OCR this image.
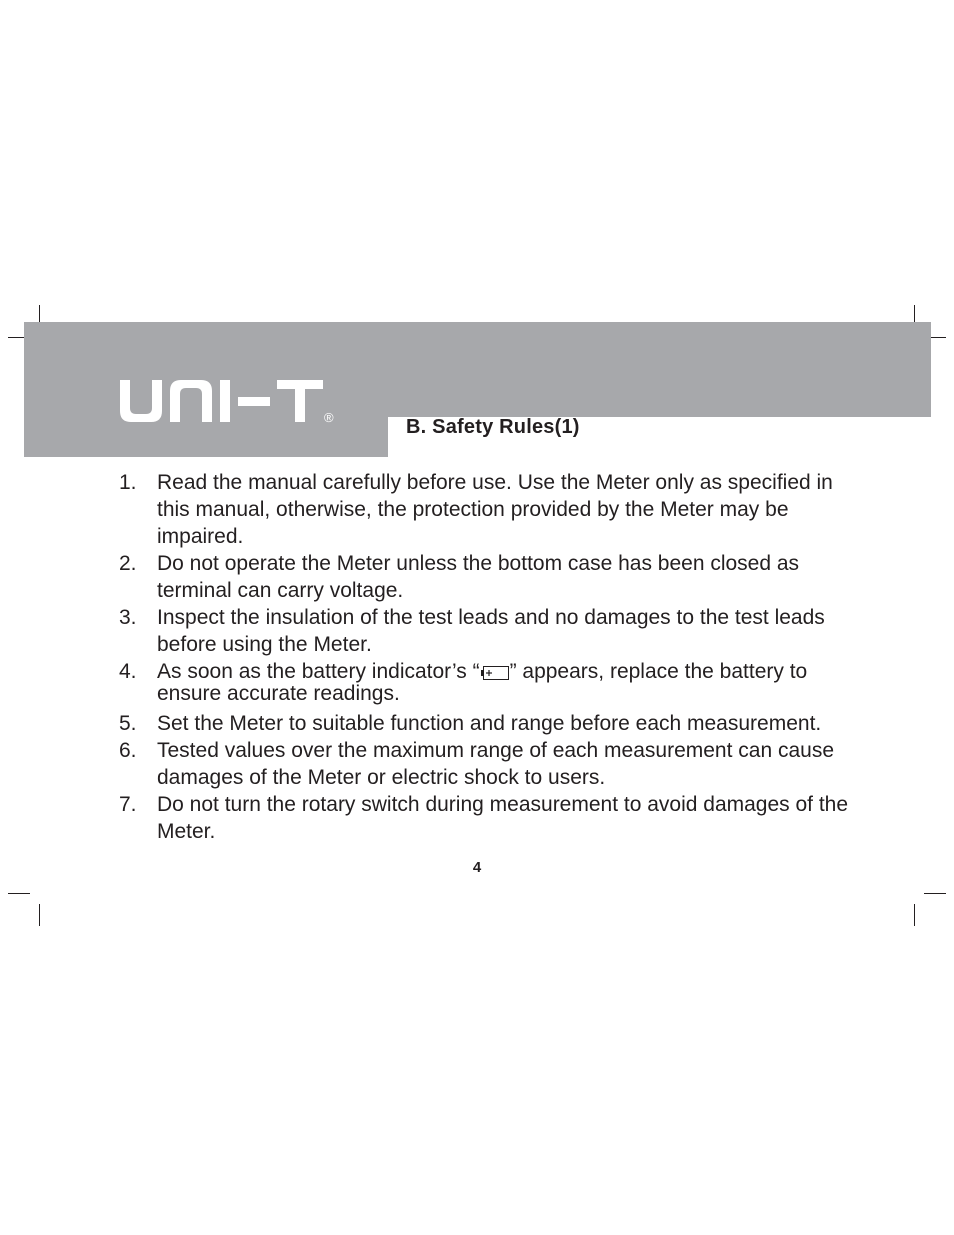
®	B. Safety Rules(1)
1. Read the manual carefully before use. Use the Meter only as specified in this manual, otherwise, the protection provided by the Meter may be impaired.
2. Do not operate the Meter unless the bottom case has been closed as terminal can carry voltage.
3. Inspect the insulation of the test leads and no damages to the test leads before using the Meter.
4. As soon as the battery indicator’s “ ” appears, replace the battery to ensure accurate readings.
5. Set the Meter to suitable function and range before each measurement.
6. Tested values over the maximum range of each measurement can cause damages of the Meter or electric shock to users.
7. Do not turn the rotary switch during measurement to avoid damages of the Meter.
4
